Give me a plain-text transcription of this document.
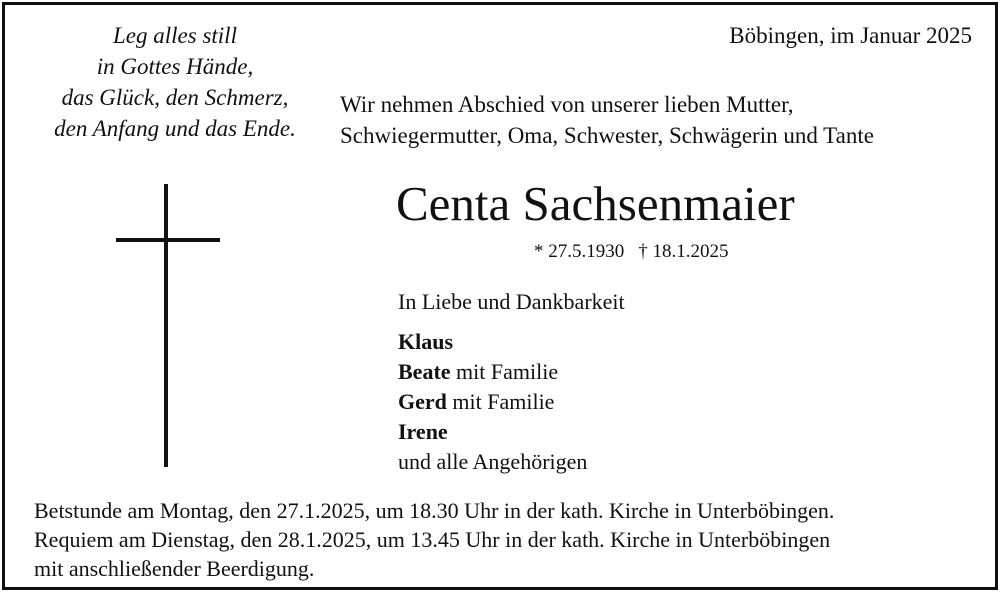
Leg alles still
in Gottes Hände,
das Glück, den Schmerz,
den Anfang und das Ende.
Böbingen, im Januar 2025
Wir nehmen Abschied von unserer lieben Mutter,
Schwiegermutter, Oma, Schwester, Schwägerin und Tante
Centa Sachsenmaier
* 27.5.1930 † 18.1.2025
In Liebe und Dankbarkeit
Klaus
Beate mit Familie
Gerd mit Familie
Irene
und alle Angehörigen
Betstunde am Montag, den 27.1.2025, um 18.30 Uhr in der kath. Kirche in Unterböbingen.
Requiem am Dienstag, den 28.1.2025, um 13.45 Uhr in der kath. Kirche in Unterböbingen
mit anschließender Beerdigung.
